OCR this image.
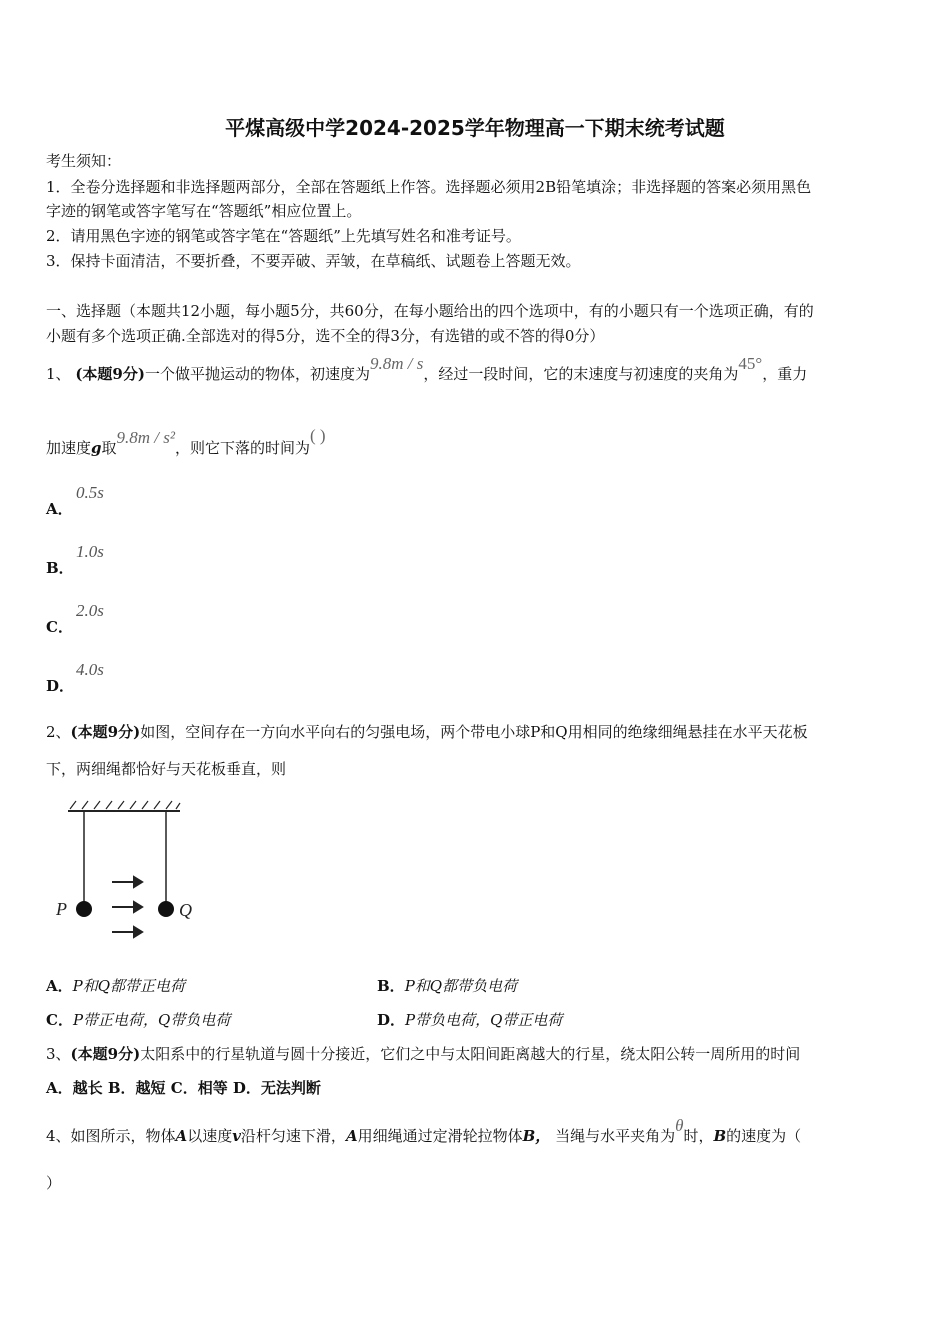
平煤高级中学2024-2025学年物理高一下期末统考试题
考生须知：
1．全卷分选择题和非选择题两部分，全部在答题纸上作答。选择题必须用2B铅笔填涂；非选择题的答案必须用黑色
字迹的钢笔或答字笔写在“答题纸”相应位置上。
2．请用黑色字迹的钢笔或答字笔在“答题纸”上先填写姓名和准考证号。
3．保持卡面清洁，不要折叠，不要弄破、弄皱，在草稿纸、试题卷上答题无效。
一、选择题（本题共12小题，每小题5分，共60分，在每小题给出的四个选项中，有的小题只有一个选项正确，有的
小题有多个选项正确.全部选对的得5分，选不全的得3分，有选错的或不答的得0分）
1、 (本题9分)一个做平抛运动的物体，初速度为9.8m / s，经过一段时间，它的末速度与初速度的夹角为45°，重力
加速度g取9.8m / s²，则它下落的时间为( )
A．
0.5s
B．
1.0s
C．
2.0s
D．
4.0s
2、(本题9分)如图，空间存在一方向水平向右的匀强电场，两个带电小球P和Q用相同的绝缘细绳悬挂在水平天花板
下，两细绳都恰好与天花板垂直，则
P	Q
A．P和Q都带正电荷	B．P和Q都带负电荷
C．P带正电荷，Q带负电荷	D．P带负电荷，Q带正电荷
3、(本题9分)太阳系中的行星轨道与圆十分接近，它们之中与太阳间距离越大的行星，绕太阳公转一周所用的时间
A．越长 B．越短 C．相等 D．无法判断
4、如图所示，物体A以速度v沿杆匀速下滑，A用细绳通过定滑轮拉物体B， 当绳与水平夹角为θ时，B的速度为（
）
